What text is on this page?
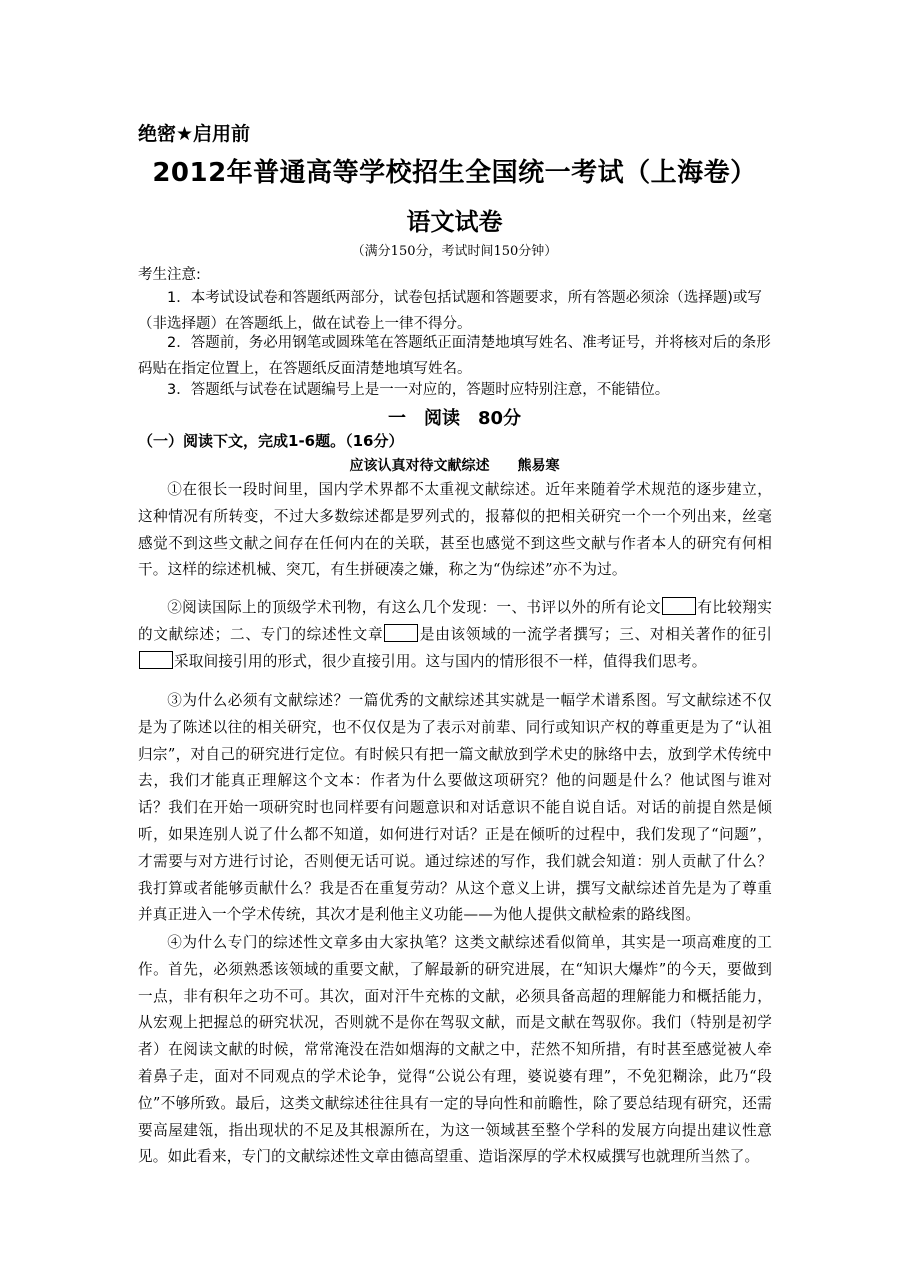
绝密★启用前
2012年普通高等学校招生全国统一考试（上海卷）
语文试卷
（满分150分，考试时间150分钟）
考生注意:

1．本考试设试卷和答题纸两部分，试卷包括试题和答题要求，所有答题必须涂（选择题)或写（非选择题）在答题纸上，做在试卷上一律不得分。

2．答题前，务必用钢笔或圆珠笔在答题纸正面清楚地填写姓名、准考证号，并将核对后的条形码贴在指定位置上，在答题纸反面清楚地填写姓名。

3．答题纸与试卷在试题编号上是一一对应的，答题时应特别注意，不能错位。

一　阅读　80分
（一）阅读下文，完成1-6题。（16分）
应该认真对待文献综述　　熊易寒

①在很长一段时间里，国内学术界都不太重视文献综述。近年来随着学术规范的逐步建立，这种情况有所转变，不过大多数综述都是罗列式的，报幕似的把相关研究一个一个列出来，丝毫感觉不到这些文献之间存在任何内在的关联，甚至也感觉不到这些文献与作者本人的研究有何相干。这样的综述机械、突兀，有生拼硬凑之嫌，称之为“伪综述”亦不为过。

②阅读国际上的顶级学术刊物，有这么几个发现：一、书评以外的所有论文 有比较翔实的文献综述；二、专门的综述性文章 是由该领域的一流学者撰写；三、对相关著作的征引采取间接引用的形式，很少直接引用。这与国内的情形很不一样，值得我们思考。

③为什么必须有文献综述？一篇优秀的文献综述其实就是一幅学术谱系图。写文献综述不仅是为了陈述以往的相关研究，也不仅仅是为了表示对前辈、同行或知识产权的尊重更是为了“认祖归宗”，对自己的研究进行定位。有时候只有把一篇文献放到学术史的脉络中去，放到学术传统中去，我们才能真正理解这个文本：作者为什么要做这项研究？他的问题是什么？他试图与谁对话？我们在开始一项研究时也同样要有问题意识和对话意识不能自说自话。对话的前提自然是倾听，如果连别人说了什么都不知道，如何进行对话？正是在倾听的过程中，我们发现了“问题”，才需要与对方进行讨论，否则便无话可说。通过综述的写作，我们就会知道：别人贡献了什么？我打算或者能够贡献什么？我是否在重复劳动？从这个意义上讲，撰写文献综述首先是为了尊重并真正进入一个学术传统，其次才是利他主义功能——为他人提供文献检索的路线图。

④为什么专门的综述性文章多由大家执笔？这类文献综述看似简单，其实是一项高难度的工作。首先，必须熟悉该领域的重要文献，了解最新的研究进展，在“知识大爆炸”的今天，要做到一点，非有积年之功不可。其次，面对汗牛充栋的文献，必须具备高超的理解能力和概括能力，从宏观上把握总的研究状况，否则就不是你在驾驭文献，而是文献在驾驭你。我们（特别是初学者）在阅读文献的时候，常常淹没在浩如烟海的文献之中，茫然不知所措，有时甚至感觉被人牵着鼻子走，面对不同观点的学术论争，觉得“公说公有理，婆说婆有理”，不免犯糊涂，此乃“段位”不够所致。最后，这类文献综述往往具有一定的导向性和前瞻性，除了要总结现有研究，还需要高屋建瓴，指出现状的不足及其根源所在，为这一领域甚至整个学科的发展方向提出建议性意见。如此看来，专门的文献综述性文章由德高望重、造诣深厚的学术权威撰写也就理所当然了。
